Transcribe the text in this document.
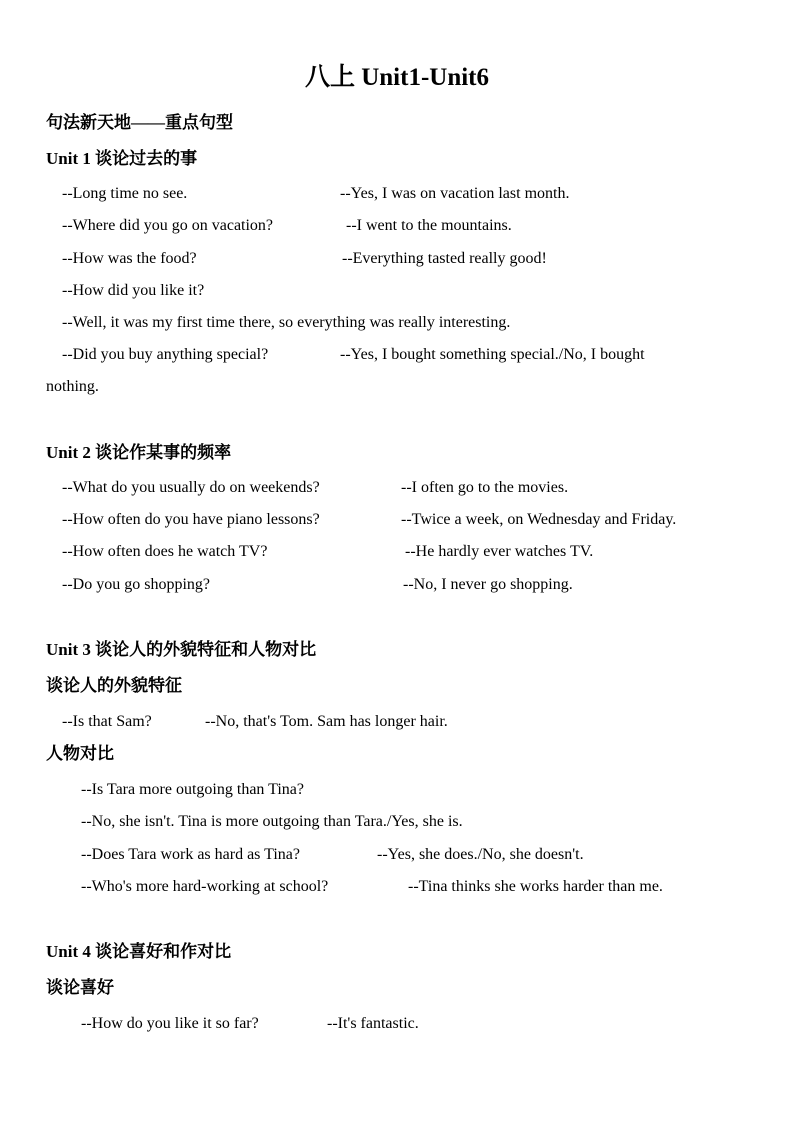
八上 Unit1-Unit6
句法新天地——重点句型
Unit 1 谈论过去的事
--Long time no see.	--Yes, I was on vacation last month.
--Where did you go on vacation?	--I went to the mountains.
--How was the food?	--Everything tasted really good!
--How did you like it?
--Well, it was my first time there, so everything was really interesting.
--Did you buy anything special?	--Yes, I bought something special./No, I bought
nothing.
Unit 2 谈论作某事的频率
--What do you usually do on weekends?	--I often go to the movies.
--How often do you have piano lessons?	--Twice a week, on Wednesday and Friday.
--How often does he watch TV?	--He hardly ever watches TV.
--Do you go shopping?	--No, I never go shopping.
Unit 3 谈论人的外貌特征和人物对比
谈论人的外貌特征
--Is that Sam?	--No, that's Tom. Sam has longer hair.
人物对比
--Is Tara more outgoing than Tina?
--No, she isn't. Tina is more outgoing than Tara./Yes, she is.
--Does Tara work as hard as Tina?	--Yes, she does./No, she doesn't.
--Who's more hard-working at school?	--Tina thinks she works harder than me.
Unit 4 谈论喜好和作对比
谈论喜好
--How do you like it so far?	--It's fantastic.
